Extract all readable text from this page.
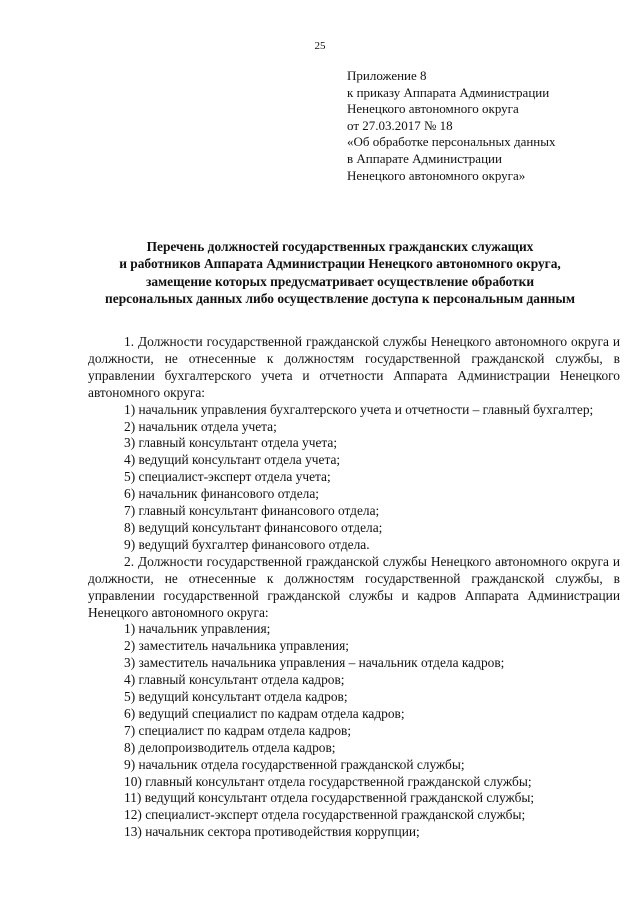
25
Приложение 8
к приказу Аппарата Администрации
Ненецкого автономного округа
от 27.03.2017 № 18
«Об обработке персональных данных
в Аппарате Администрации
Ненецкого автономного округа»
Перечень должностей государственных гражданских служащих
и работников Аппарата Администрации Ненецкого автономного округа,
замещение которых предусматривает осуществление обработки
персональных данных либо осуществление доступа к персональным данным
1. Должности государственной гражданской службы Ненецкого автономного округа и должности, не отнесенные к должностям государственной гражданской службы, в управлении бухгалтерского учета и отчетности Аппарата Администрации Ненецкого автономного округа:
1) начальник управления бухгалтерского учета и отчетности – главный бухгалтер;
2) начальник отдела учета;
3) главный консультант отдела учета;
4) ведущий консультант отдела учета;
5) специалист-эксперт отдела учета;
6) начальник финансового отдела;
7) главный консультант финансового отдела;
8) ведущий консультант финансового отдела;
9) ведущий бухгалтер финансового отдела.
2. Должности государственной гражданской службы Ненецкого автономного округа и должности, не отнесенные к должностям государственной гражданской службы, в управлении государственной гражданской службы и кадров Аппарата Администрации Ненецкого автономного округа:
1) начальник управления;
2) заместитель начальника управления;
3) заместитель начальника управления – начальник отдела кадров;
4) главный консультант отдела кадров;
5) ведущий консультант отдела кадров;
6) ведущий специалист по кадрам отдела кадров;
7) специалист по кадрам отдела кадров;
8) делопроизводитель отдела кадров;
9) начальник отдела государственной гражданской службы;
10) главный консультант отдела государственной гражданской службы;
11) ведущий консультант отдела государственной гражданской службы;
12) специалист-эксперт отдела государственной гражданской службы;
13) начальник сектора противодействия коррупции;
